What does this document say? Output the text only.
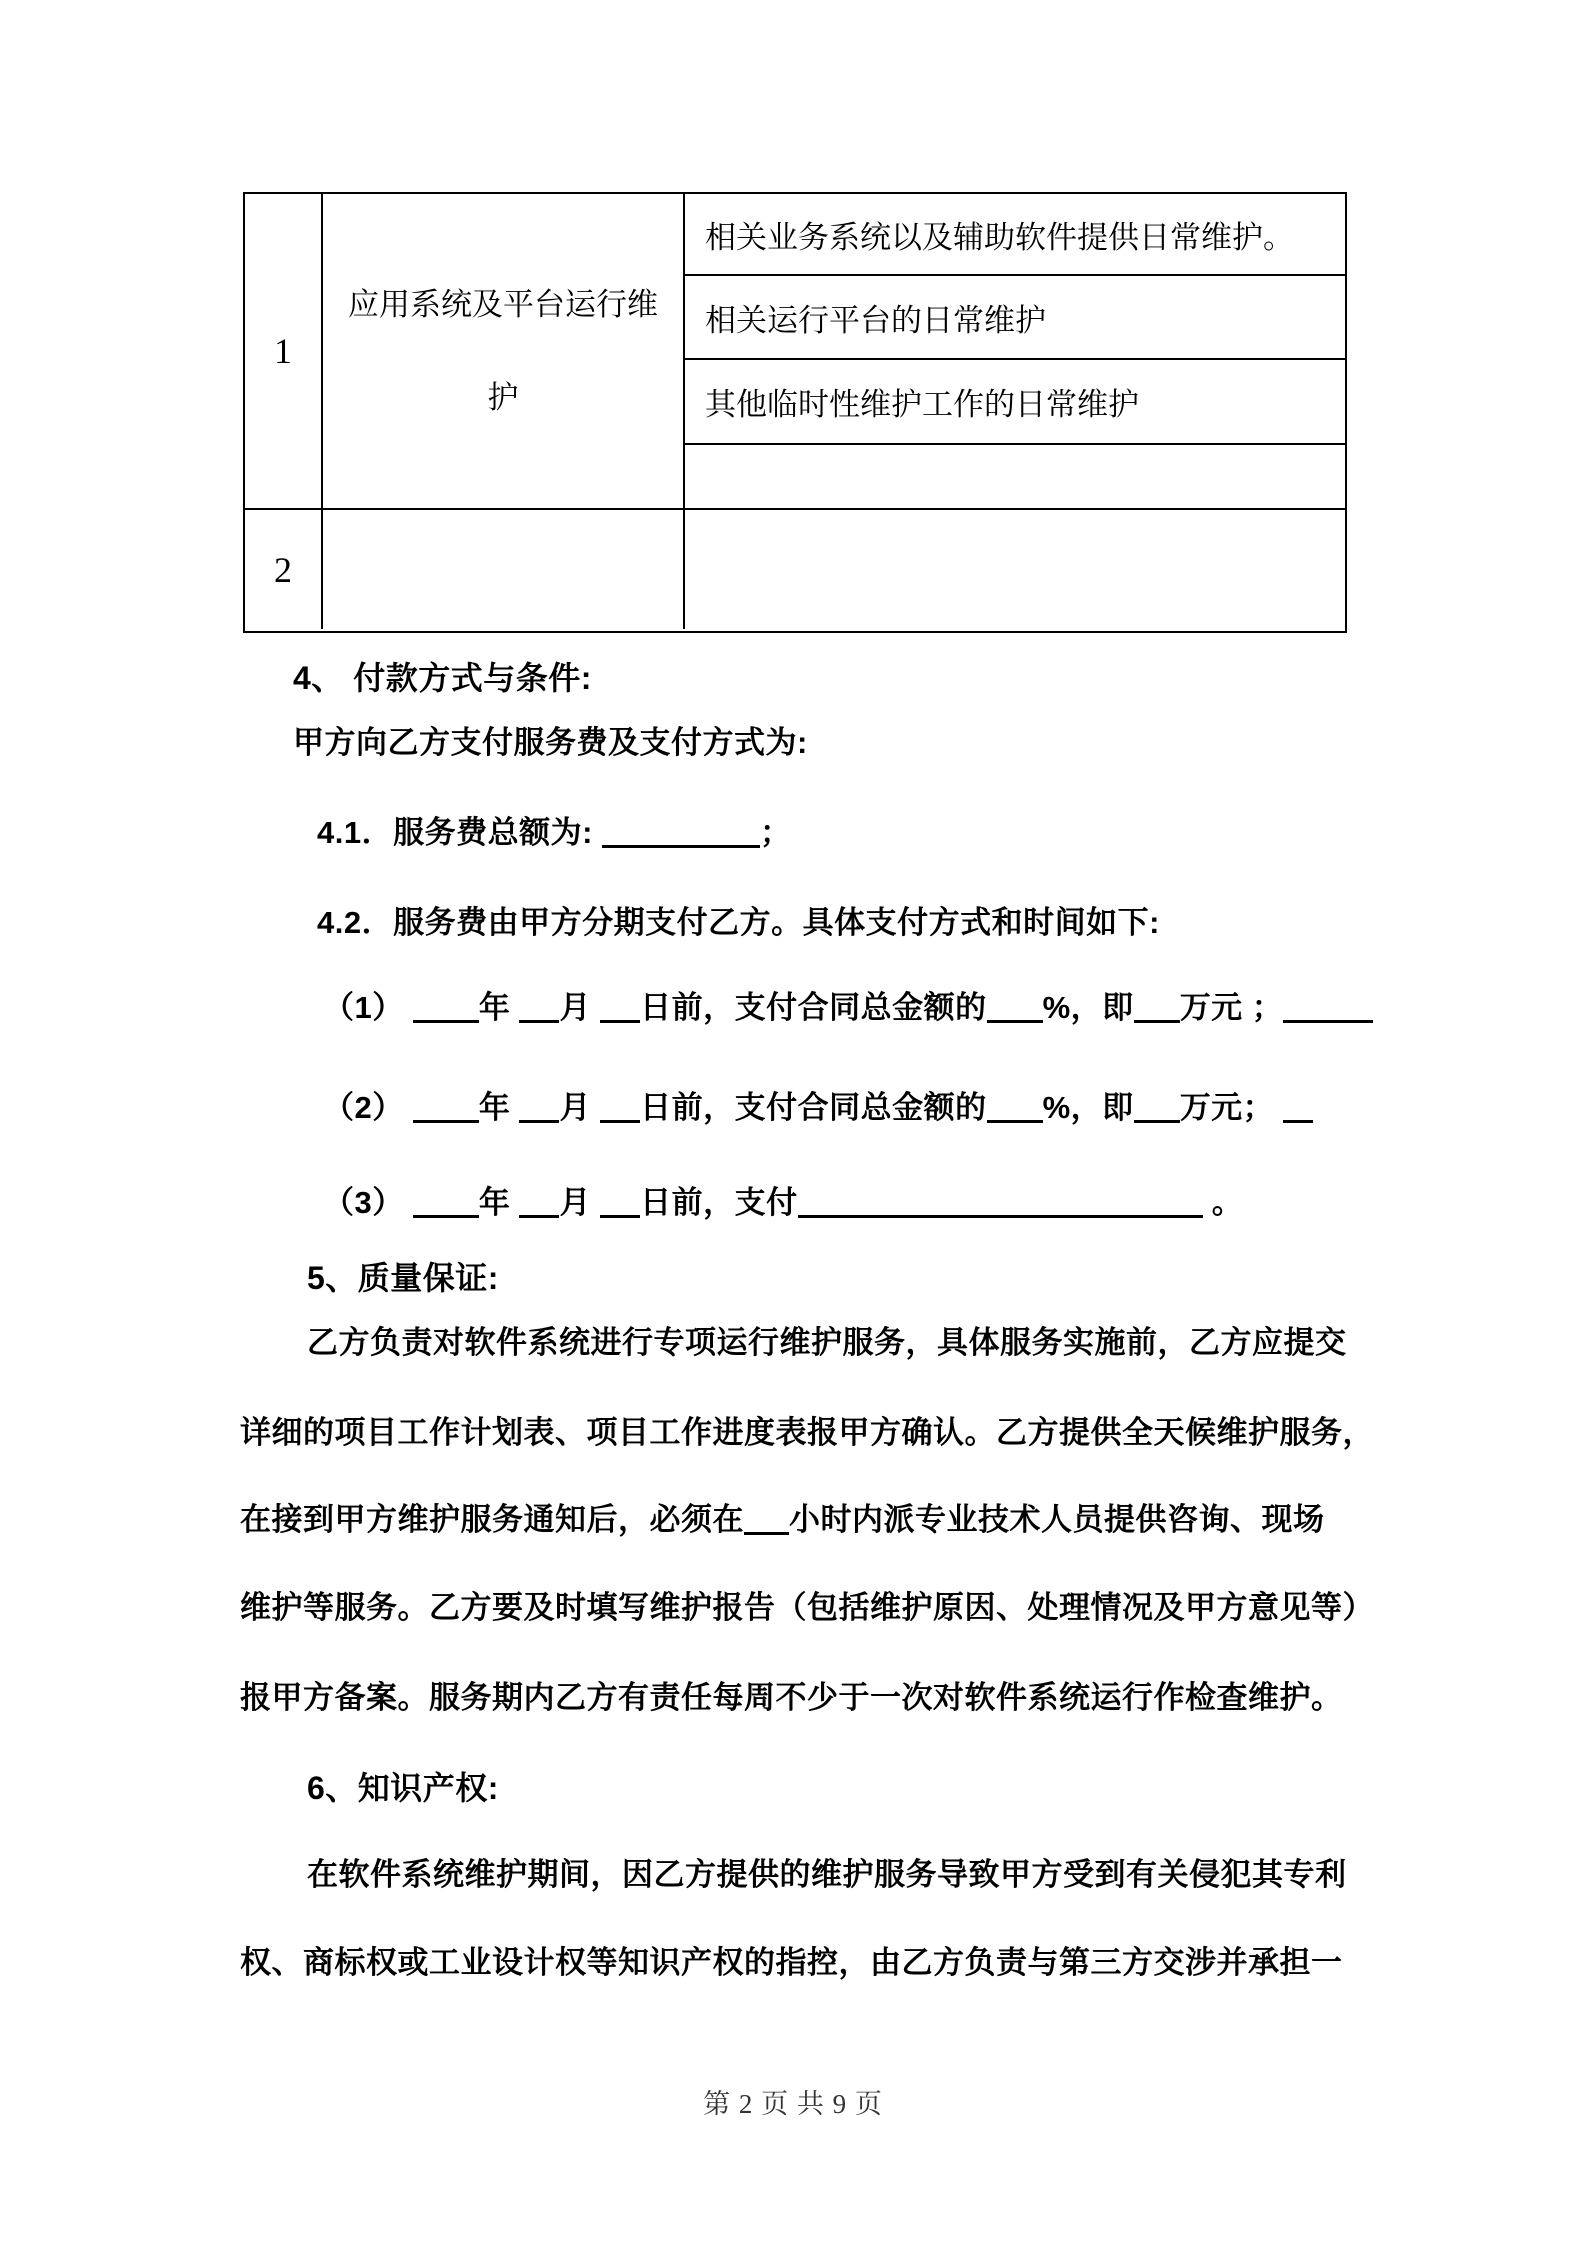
1
应用系统及平台运行维
护
相关业务系统以及辅助软件提供日常维护。
相关运行平台的日常维护
其他临时性维护工作的日常维护
2
4、 付款方式与条件:
甲方向乙方支付服务费及支付方式为:
4.1．服务费总额为:	；
4.2．服务费由甲方分期支付乙方。具体支付方式和时间如下:
（1） 年 月 日前，支付合同总金额的 %，即 万元 ；
（2） 年 月 日前，支付合同总金额的 %，即 万元；
（3） 年 月 日前，支付	。
5、质量保证:
乙方负责对软件系统进行专项运行维护服务，具体服务实施前，乙方应提交
详细的项目工作计划表、项目工作进度表报甲方确认。乙方提供全天候维护服务，
在接到甲方维护服务通知后，必须在 小时内派专业技术人员提供咨询、现场
维护等服务。乙方要及时填写维护报告（包括维护原因、处理情况及甲方意见等）
报甲方备案。服务期内乙方有责任每周不少于一次对软件系统运行作检查维护。
6、知识产权:
在软件系统维护期间，因乙方提供的维护服务导致甲方受到有关侵犯其专利
权、商标权或工业设计权等知识产权的指控，由乙方负责与第三方交涉并承担一
第 2 页 共 9 页
